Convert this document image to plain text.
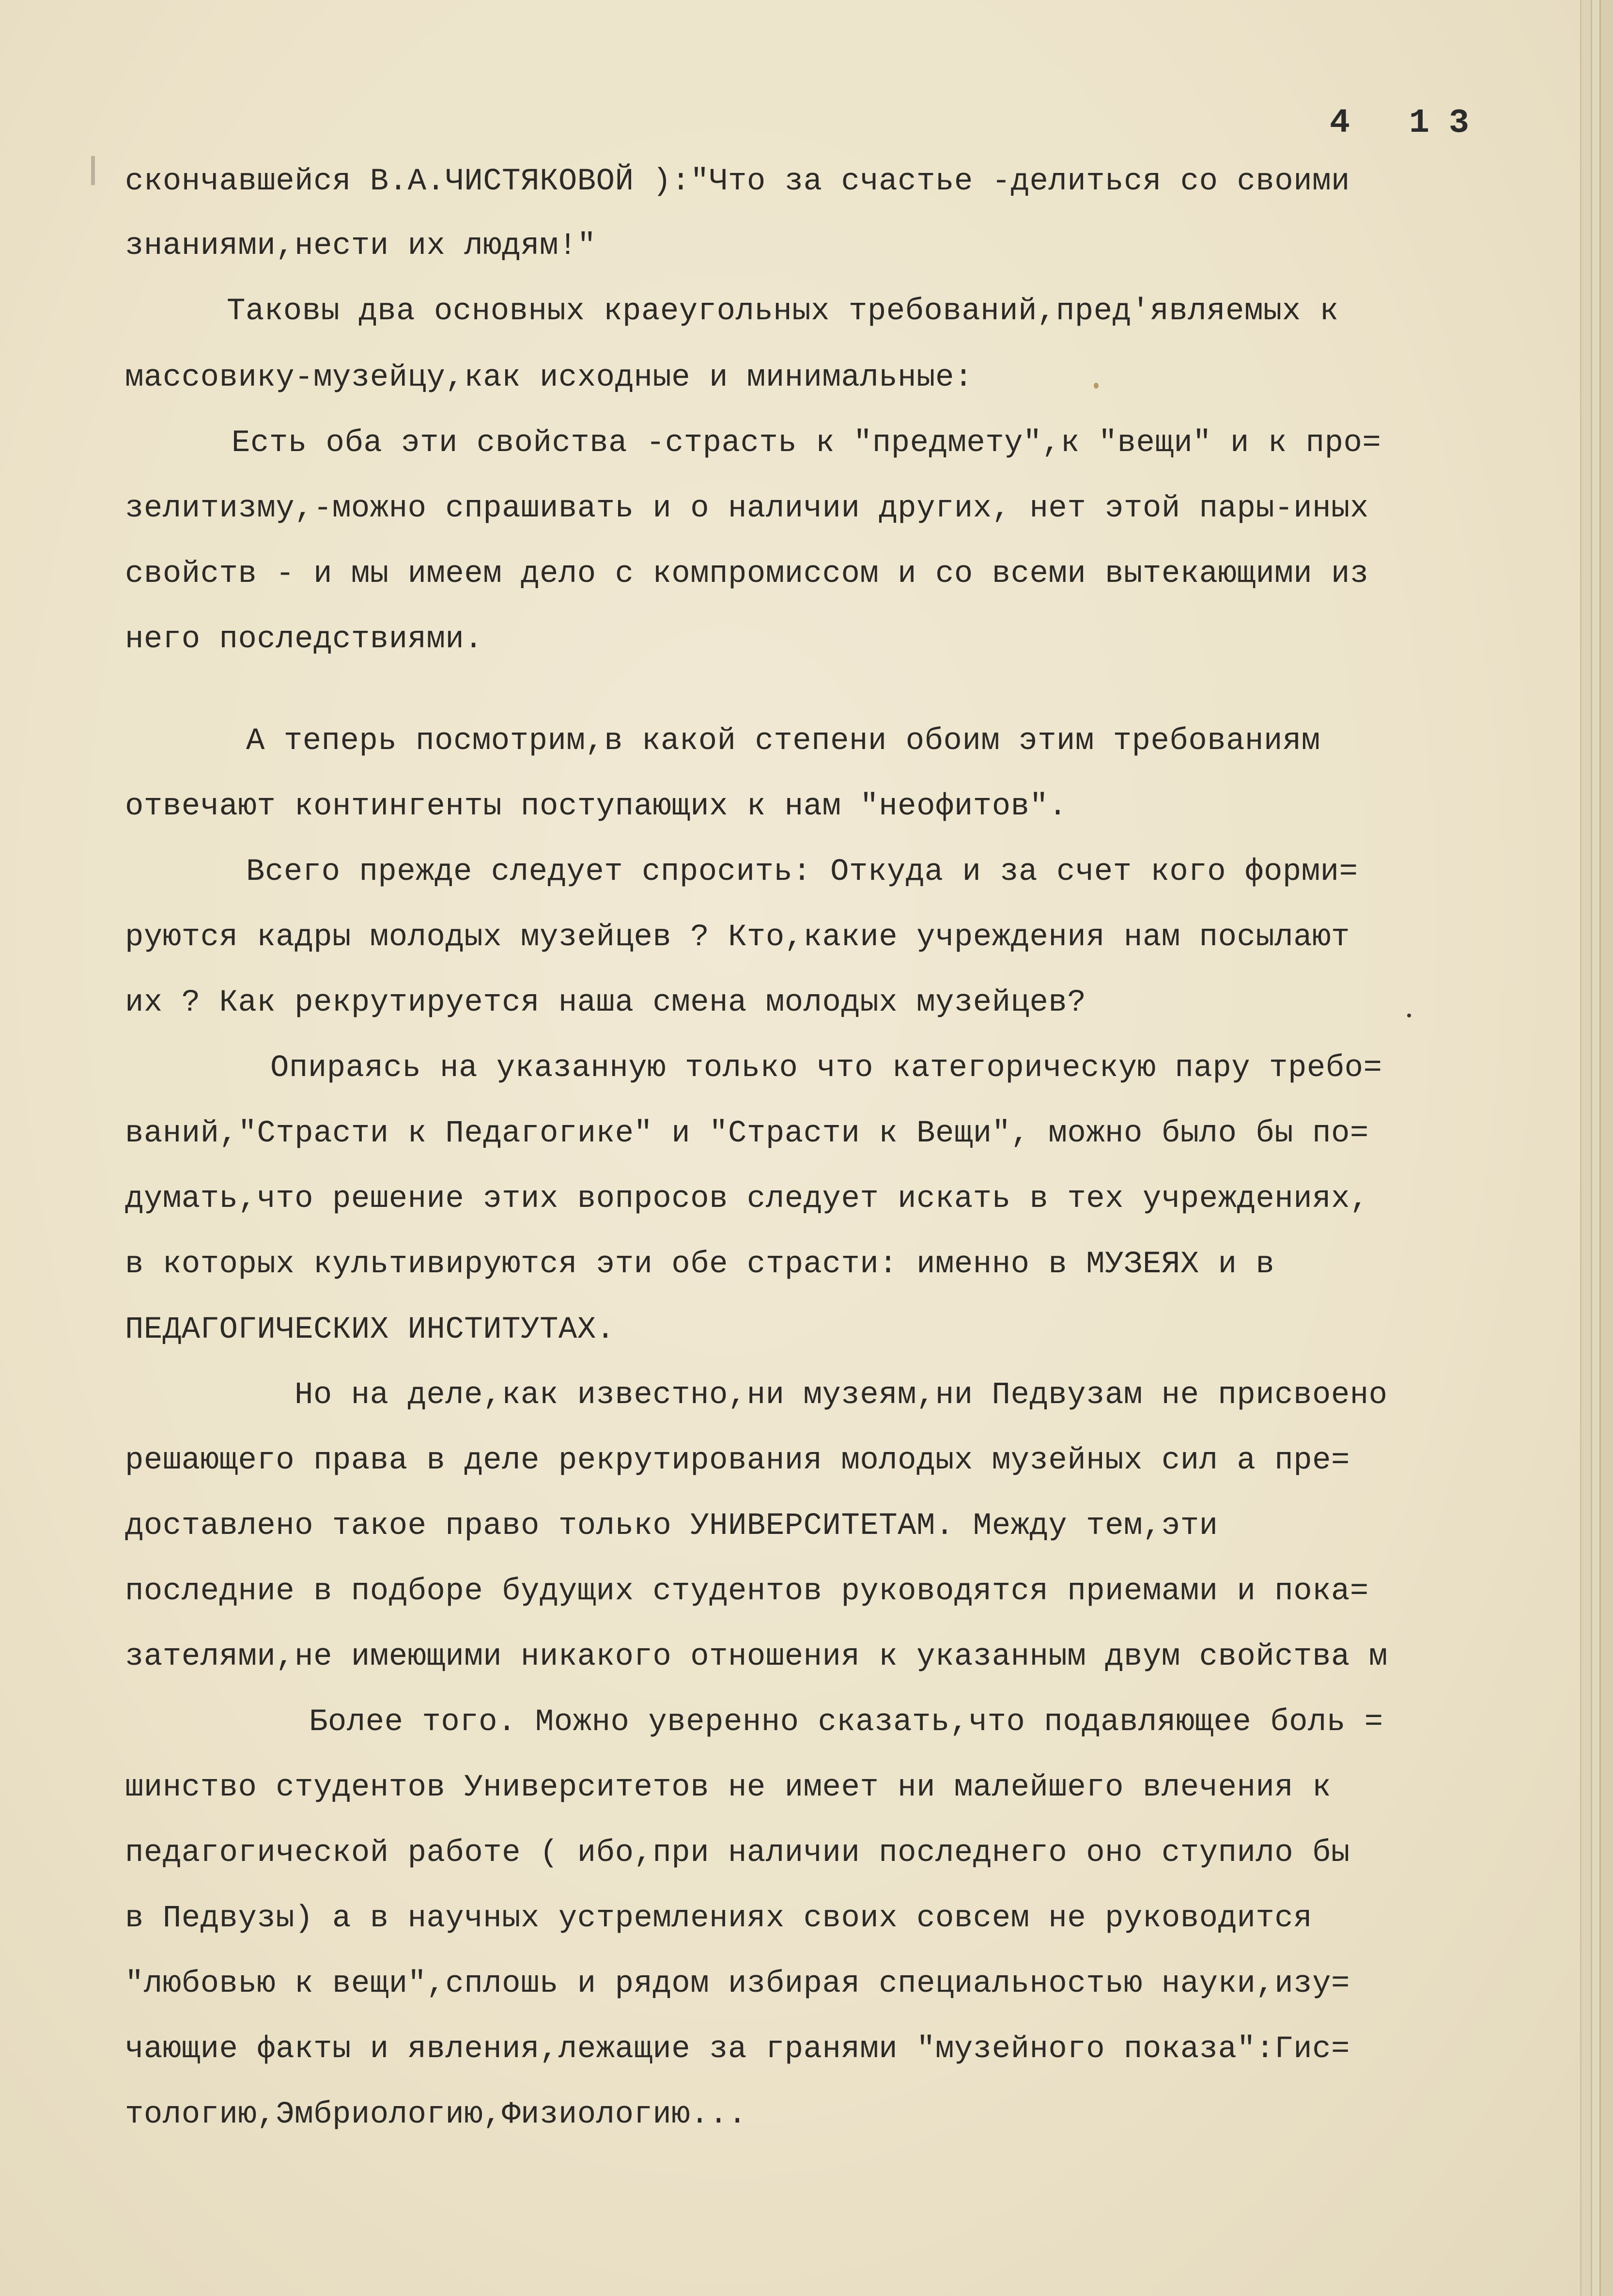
4 13
скончавшейся В.А.ЧИСТЯКОВОЙ ):"Что за счастье -делиться со своими
знаниями,нести их людям!"
Таковы два основных краеугольных требований,пред'являемых к
массовику-музейцу,как исходные и минимальные:
Есть оба эти свойства -страсть к "предмету",к "вещи" и к про=
зелитизму,-можно спрашивать и о наличии других, нет этой пары-иных
свойств - и мы имеем дело с компромиссом и со всеми вытекающими из
него последствиями.
А теперь посмотрим,в какой степени обоим этим требованиям
отвечают контингенты поступающих к нам "неофитов".
Всего прежде следует спросить: Откуда и за счет кого форми=
руются кадры молодых музейцев ? Кто,какие учреждения нам посылают
их ? Как рекрутируется наша смена молодых музейцев?
Опираясь на указанную только что категорическую пару требо=
ваний,"Страсти к Педагогике" и "Страсти к Вещи", можно было бы по=
думать,что решение этих вопросов следует искать в тех учреждениях,
в которых культивируются эти обе страсти: именно в МУЗЕЯХ и в
ПЕДАГОГИЧЕСКИХ ИНСТИТУТАХ.
Но на деле,как известно,ни музеям,ни Педвузам не присвоено
решающего права в деле рекрутирования молодых музейных сил а пре=
доставлено такое право только УНИВЕРСИТЕТАМ. Между тем,эти
последние в подборе будущих студентов руководятся приемами и пока=
зателями,не имеющими никакого отношения к указанным двум свойства м
Более того. Можно уверенно сказать,что подавляющее боль =
шинство студентов Университетов не имеет ни малейшего влечения к
педагогической работе ( ибо,при наличии последнего оно ступило бы
в Педвузы) а в научных устремлениях своих совсем не руководится
"любовью к вещи",сплошь и рядом избирая специальностью науки,изу=
чающие факты и явления,лежащие за гранями "музейного показа":Гис=
тологию,Эмбриологию,Физиологию...
